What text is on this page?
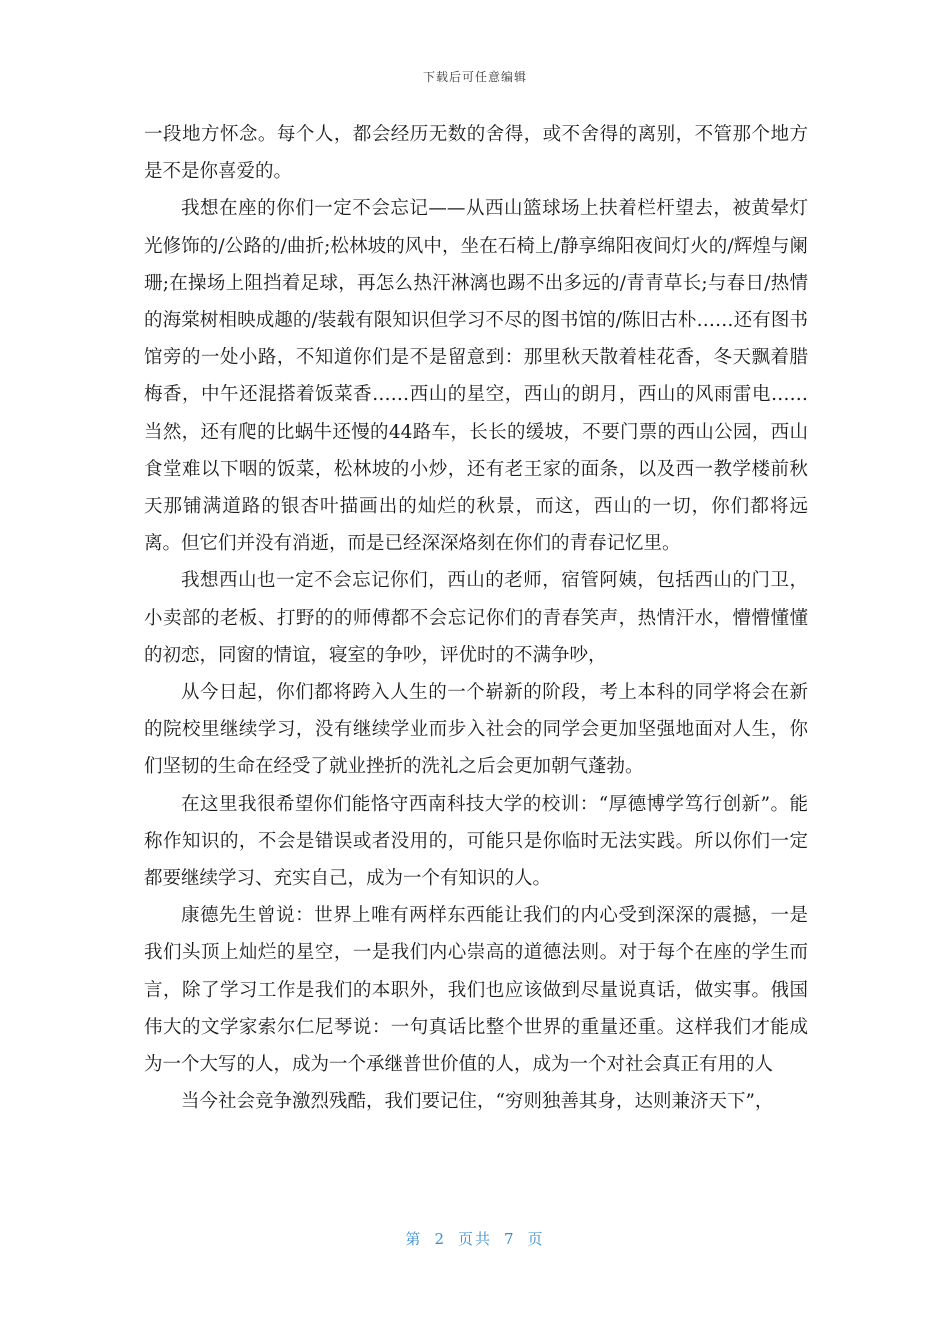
下载后可任意编辑

一段地方怀念。每个人，都会经历无数的舍得，或不舍得的离别，不管那个地方是不是你喜爱的。

我想在座的你们一定不会忘记——从西山篮球场上扶着栏杆望去，被黄晕灯光修饰的/公路的/曲折;松林坡的风中，坐在石椅上/静享绵阳夜间灯火的/辉煌与阑珊;在操场上阻挡着足球，再怎么热汗淋漓也踢不出多远的/青青草长;与春日/热情的海棠树相映成趣的/装载有限知识但学习不尽的图书馆的/陈旧古朴……还有图书馆旁的一处小路，不知道你们是不是留意到：那里秋天散着桂花香，冬天飘着腊梅香，中午还混搭着饭菜香……西山的星空，西山的朗月，西山的风雨雷电……当然，还有爬的比蜗牛还慢的44路车，长长的缓坡，不要门票的西山公园，西山食堂难以下咽的饭菜，松林坡的小炒，还有老王家的面条，以及西一教学楼前秋天那铺满道路的银杏叶描画出的灿烂的秋景，而这，西山的一切，你们都将远离。但它们并没有消逝，而是已经深深烙刻在你们的青春记忆里。

我想西山也一定不会忘记你们，西山的老师，宿管阿姨，包括西山的门卫，小卖部的老板、打野的的师傅都不会忘记你们的青春笑声，热情汗水，懵懵懂懂的初恋，同窗的情谊，寝室的争吵，评优时的不满争吵，

从今日起，你们都将跨入人生的一个崭新的阶段，考上本科的同学将会在新的院校里继续学习，没有继续学业而步入社会的同学会更加坚强地面对人生，你们坚韧的生命在经受了就业挫折的洗礼之后会更加朝气蓬勃。

在这里我很希望你们能恪守西南科技大学的校训：“厚德博学笃行创新”。能称作知识的，不会是错误或者没用的，可能只是你临时无法实践。所以你们一定都要继续学习、充实自己，成为一个有知识的人。

康德先生曾说：世界上唯有两样东西能让我们的内心受到深深的震撼，一是我们头顶上灿烂的星空，一是我们内心崇高的道德法则。对于每个在座的学生而言，除了学习工作是我们的本职外，我们也应该做到尽量说真话，做实事。俄国伟大的文学家索尔仁尼琴说：一句真话比整个世界的重量还重。这样我们才能成为一个大写的人，成为一个承继普世价值的人，成为一个对社会真正有用的人

当今社会竞争激烈残酷，我们要记住，“穷则独善其身，达则兼济天下”，

第 2 页共 7 页
